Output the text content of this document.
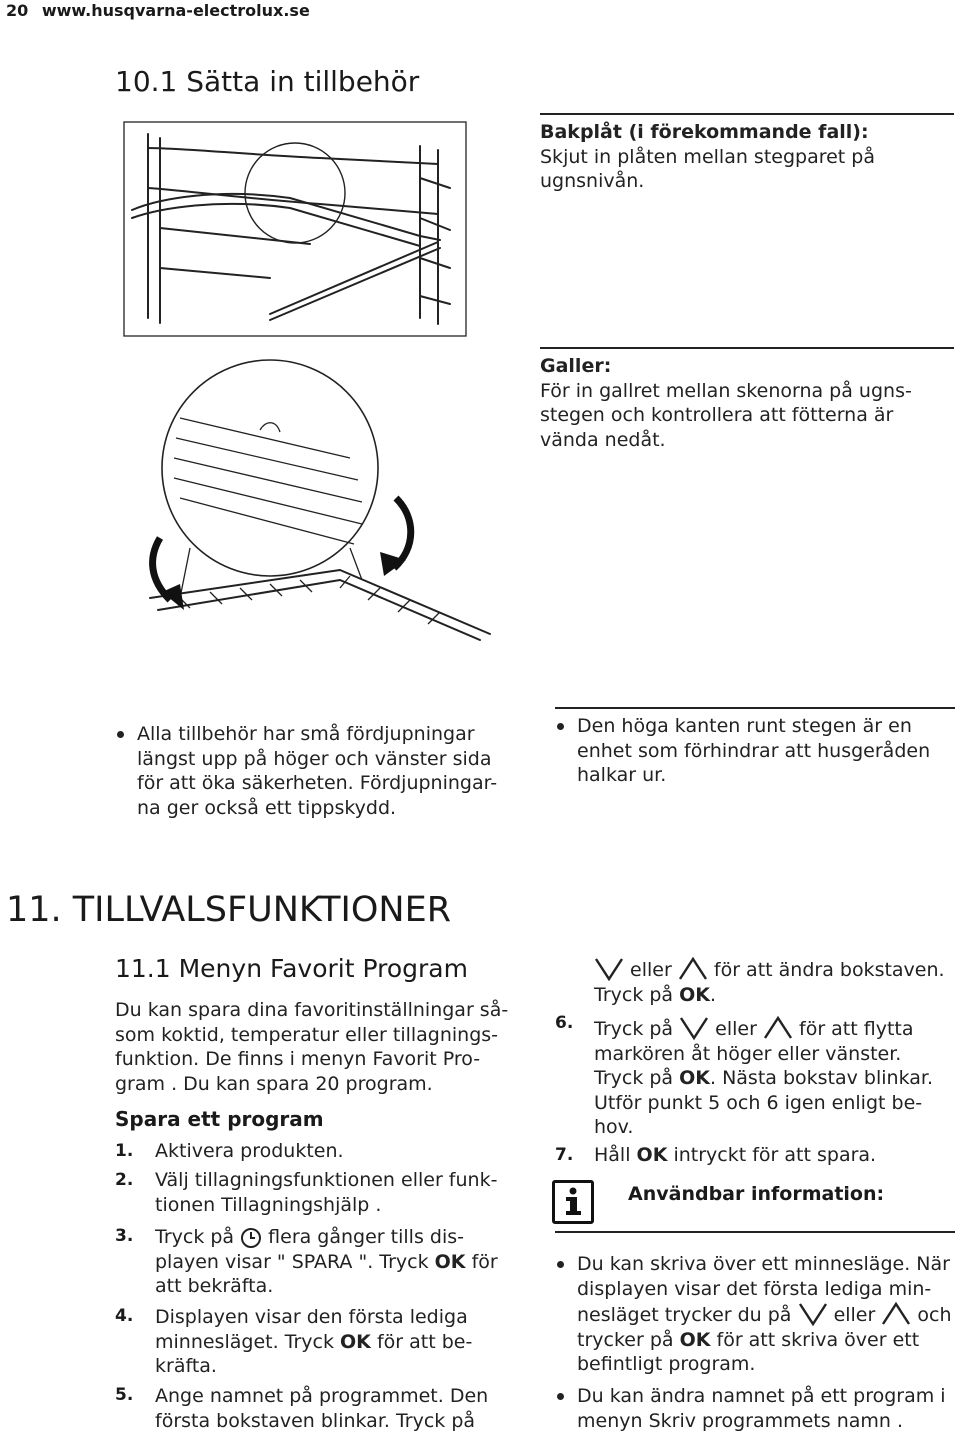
20 www.husqvarna-electrolux.se
10.1 Sätta in tillbehör
Bakplåt (i förekommande fall):
Skjut in plåten mellan stegparet på ugnsnivån.
Galler:
För in gallret mellan skenorna på ugns-stegen och kontrollera att fötterna är vända nedåt.
Alla tillbehör har små fördjupningar längst upp på höger och vänster sida för att öka säkerheten. Fördjupningar-na ger också ett tippskydd.
Den höga kanten runt stegen är en enhet som förhindrar att husgeråden halkar ur.
11. TILLVALSFUNKTIONER
11.1 Menyn Favorit Program
Du kan spara dina favoritinställningar så-som koktid, temperatur eller tillagnings-funktion. De finns i menyn Favorit Pro-gram . Du kan spara 20 program.
Spara ett program
1. Aktivera produkten.
2. Välj tillagningsfunktionen eller funk-tionen Tillagningshjälp .
3. Tryck på flera gånger tills dis-playen visar " SPARA ". Tryck OK för att bekräfta.
4. Displayen visar den första lediga minnesläget. Tryck OK för att be-kräfta.
5. Ange namnet på programmet. Den första bokstaven blinkar. Tryck på
eller för att ändra bokstaven.
Tryck på OK.
6. Tryck på eller för att flytta markören åt höger eller vänster. Tryck på OK. Nästa bokstav blinkar. Utför punkt 5 och 6 igen enligt be-hov.
7. Håll OK intryckt för att spara.
Användbar information:
Du kan skriva över ett minnesläge. När displayen visar det första lediga min-nesläget trycker du på eller och trycker på OK för att skriva över ett befintligt program.
Du kan ändra namnet på ett program i menyn Skriv programmets namn .
